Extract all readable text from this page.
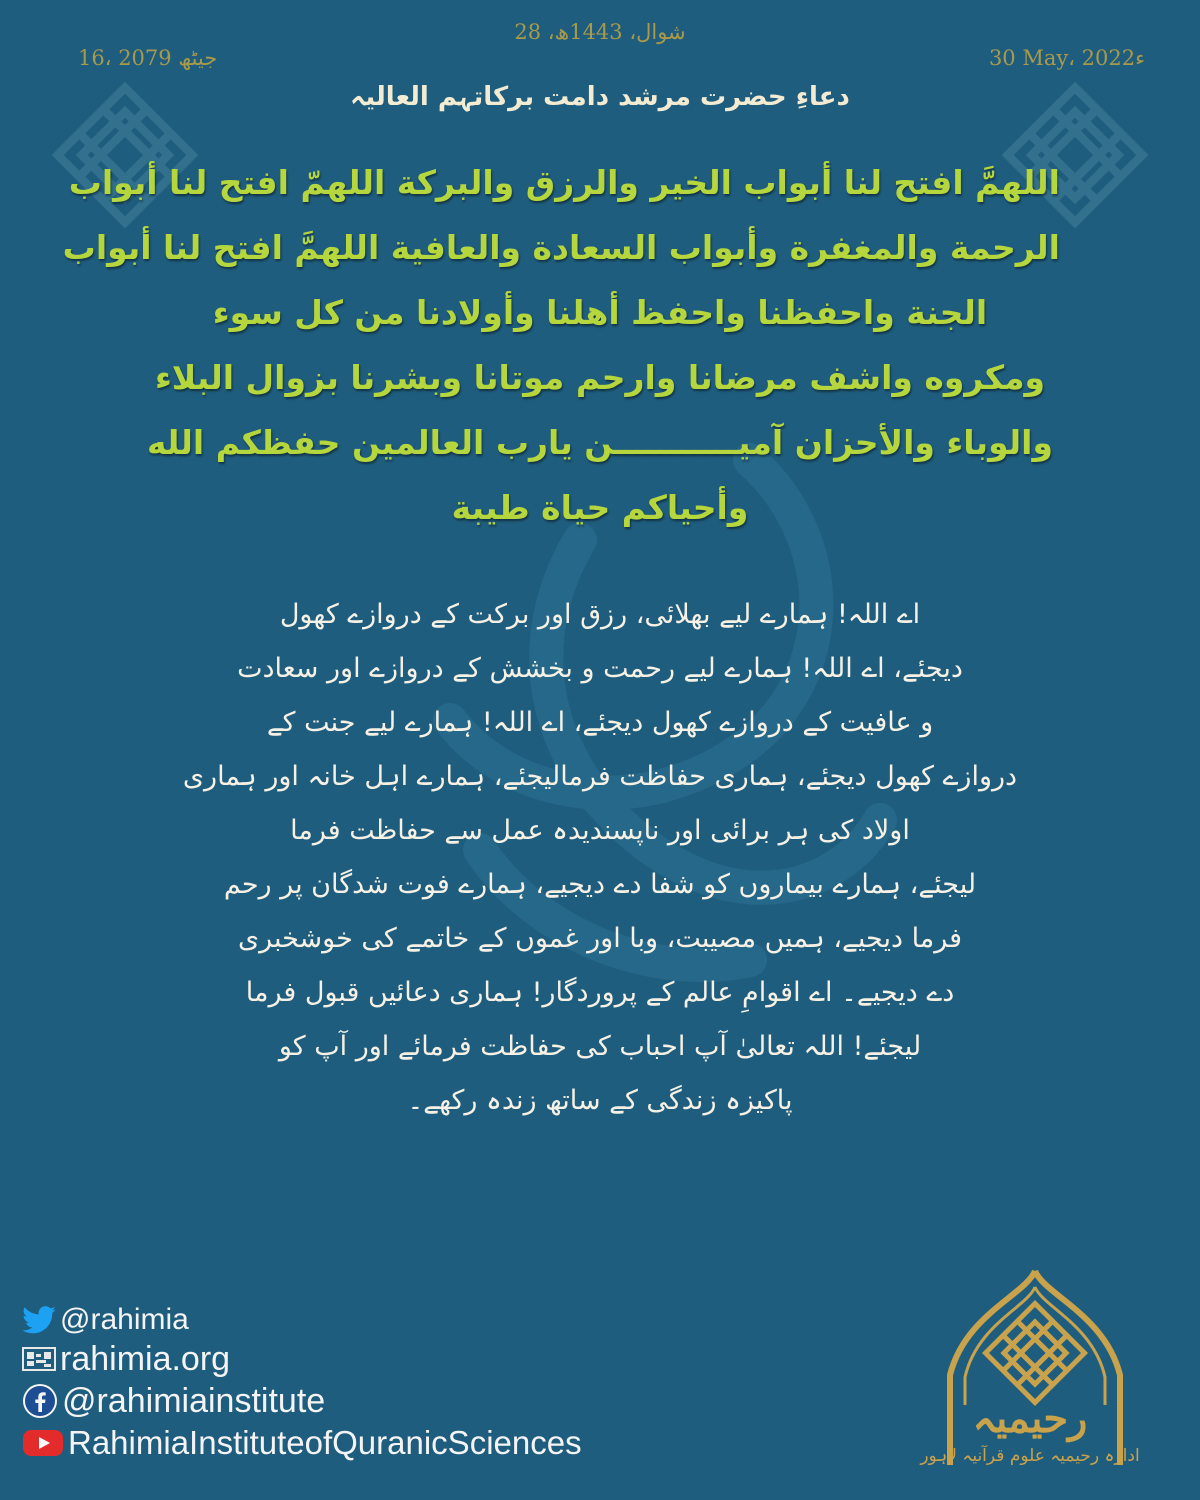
28 ،شوال، 1443ھ
30 May، 2022ء
16، جیٹھ 2079
دعاءِ حضرت مرشد دامت برکاتہم العالیہ
اللهمَّ افتح لنا أبواب الخير والرزق والبركة اللهمّ افتح لنا أبواب
الرحمة والمغفرة وأبواب السعادة والعافية اللهمَّ افتح لنا أبواب
الجنة واحفظنا واحفظ أهلنا وأولادنا من كل سوء
ومكروه واشف مرضانا وارحم موتانا وبشرنا بزوال البلاء
والوباء والأحزان آمیـــــــــــن يارب العالمين حفظكم الله
وأحياكم حياة طيبة
اے اللہ! ہمارے لیے بھلائی، رزق اور برکت کے دروازے کھول
دیجئے، اے اللہ! ہمارے لیے رحمت و بخشش کے دروازے اور سعادت
و عافیت کے دروازے کھول دیجئے، اے اللہ! ہمارے لیے جنت کے
دروازے کھول دیجئے، ہماری حفاظت فرمالیجئے، ہمارے اہل خانہ اور ہماری
اولاد کی ہر برائی اور ناپسندیدہ عمل سے حفاظت فرما
لیجئے، ہمارے بیماروں کو شفا دے دیجیے، ہمارے فوت شدگان پر رحم
فرما دیجیے، ہمیں مصیبت، وبا اور غموں کے خاتمے کی خوشخبری
دے دیجیے۔ اے اقوامِ عالم کے پروردگار! ہماری دعائیں قبول فرما
لیجئے! اللہ تعالیٰ آپ احباب کی حفاظت فرمائے اور آپ کو
پاکیزہ زندگی کے ساتھ زندہ رکھے۔
@rahimia
rahimia.org
@rahimiainstitute
RahimiaInstituteofQuranicSciences
رحیمیہ
ادارہ رحیمیہ علوم قرآنیہ لاہور
